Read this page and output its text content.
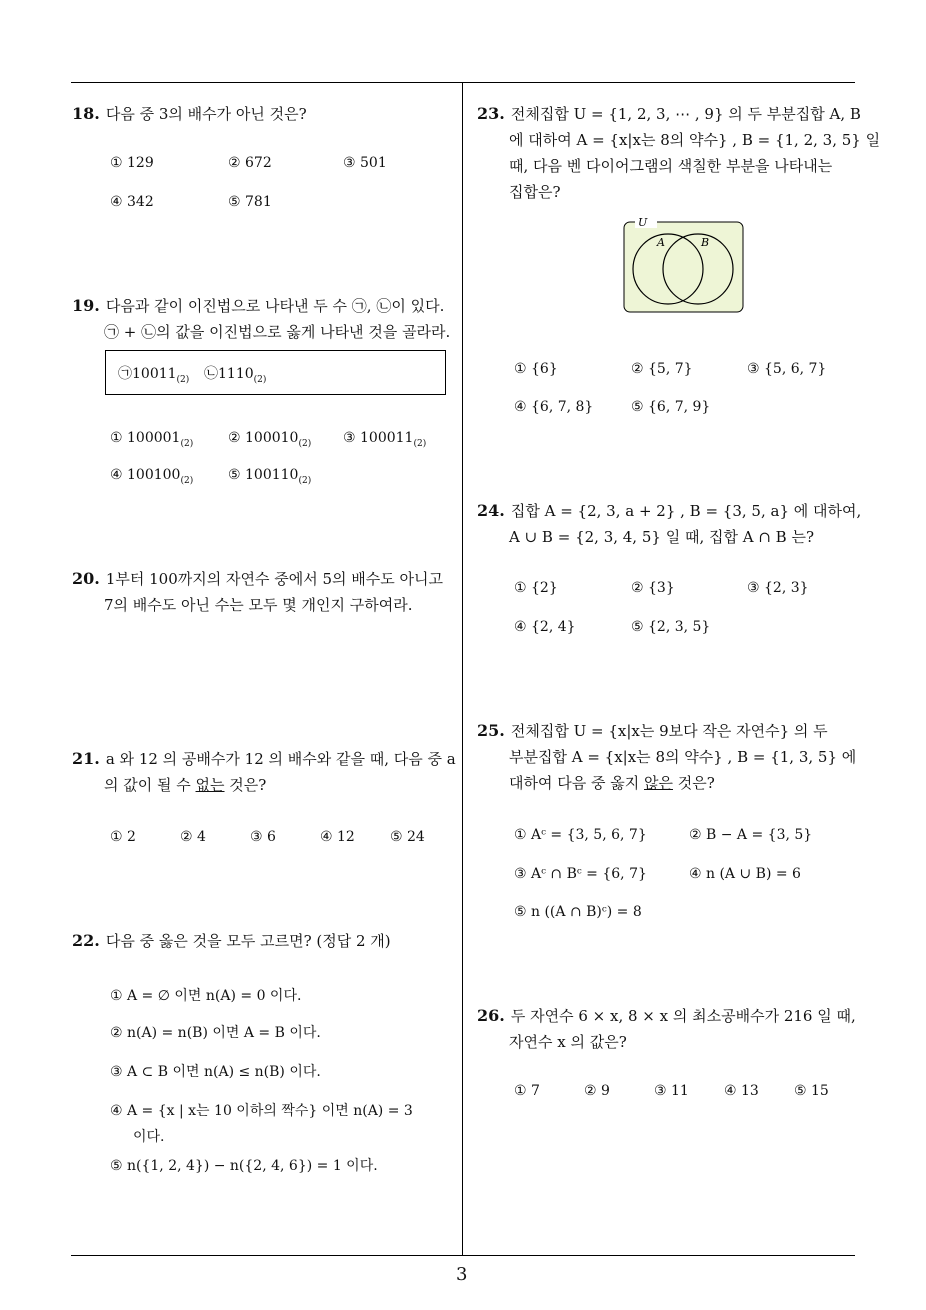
18. 다음 중 3의 배수가 아닌 것은?
① 129	② 672	③ 501
④ 342	⑤ 781
19. 다음과 같이 이진법으로 나타낸 두 수 ㉠, ㉡이 있다.
㉠ + ㉡의 값을 이진법으로 옳게 나타낸 것을 골라라.
$㉠10011_{(2)}$ $㉡1110_{(2)}$
① $100001_{(2)}$ ② $100010_{(2)}$ ③ $100011_{(2)}$
④ $100100_{(2)}$ ⑤ $100110_{(2)}$
20. 1부터 100까지의 자연수 중에서 5의 배수도 아니고
7의 배수도 아닌 수는 모두 몇 개인지 구하여라.
21. a 와 12 의 공배수가 12 의 배수와 같을 때, 다음 중 a
의 값이 될 수 없는 것은?
① 2	② 4	③ 6	④ 12	⑤ 24
22. 다음 중 옳은 것을 모두 고르면? (정답 2 개)
① A = ∅ 이면 n(A) = 0 이다.
② n(A) = n(B) 이면 A = B 이다.
③ A ⊂ B 이면 n(A) ≤ n(B) 이다.
④ A = {x | x는 10 이하의 짝수} 이면 n(A) = 3
이다.
⑤ n({1, 2, 4}) − n({2, 4, 6}) = 1 이다.
23. 전체집합 U = {1, 2, 3, ⋯ , 9} 의 두 부분집합 A, B
에 대하여 A = {x|x는 8의 약수} , B = {1, 2, 3, 5} 일
때, 다음 벤 다이어그램의 색칠한 부분을 나타내는
집합은?
U
A	B
① {6}	② {5, 7}	③ {5, 6, 7}
④ {6, 7, 8}	⑤ {6, 7, 9}
24. 집합 A = {2, 3, a + 2} , B = {3, 5, a} 에 대하여,
A ∪ B = {2, 3, 4, 5} 일 때, 집합 A ∩ B 는?
① {2}	② {3}	③ {2, 3}
④ {2, 4}	⑤ {2, 3, 5}
25. 전체집합 U = {x|x는 9보다 작은 자연수} 의 두
부분집합 A = {x|x는 8의 약수} , B = {1, 3, 5} 에
대하여 다음 중 옳지 않은 것은?
① Aᶜ = {3, 5, 6, 7}	② B − A = {3, 5}
③ Aᶜ ∩ Bᶜ = {6, 7}	④ n (A ∪ B) = 6
⑤ n ((A ∩ B)ᶜ) = 8
26. 두 자연수 6 × x, 8 × x 의 최소공배수가 216 일 때,
자연수 x 의 값은?
① 7	② 9	③ 11	④ 13	⑤ 15
3
